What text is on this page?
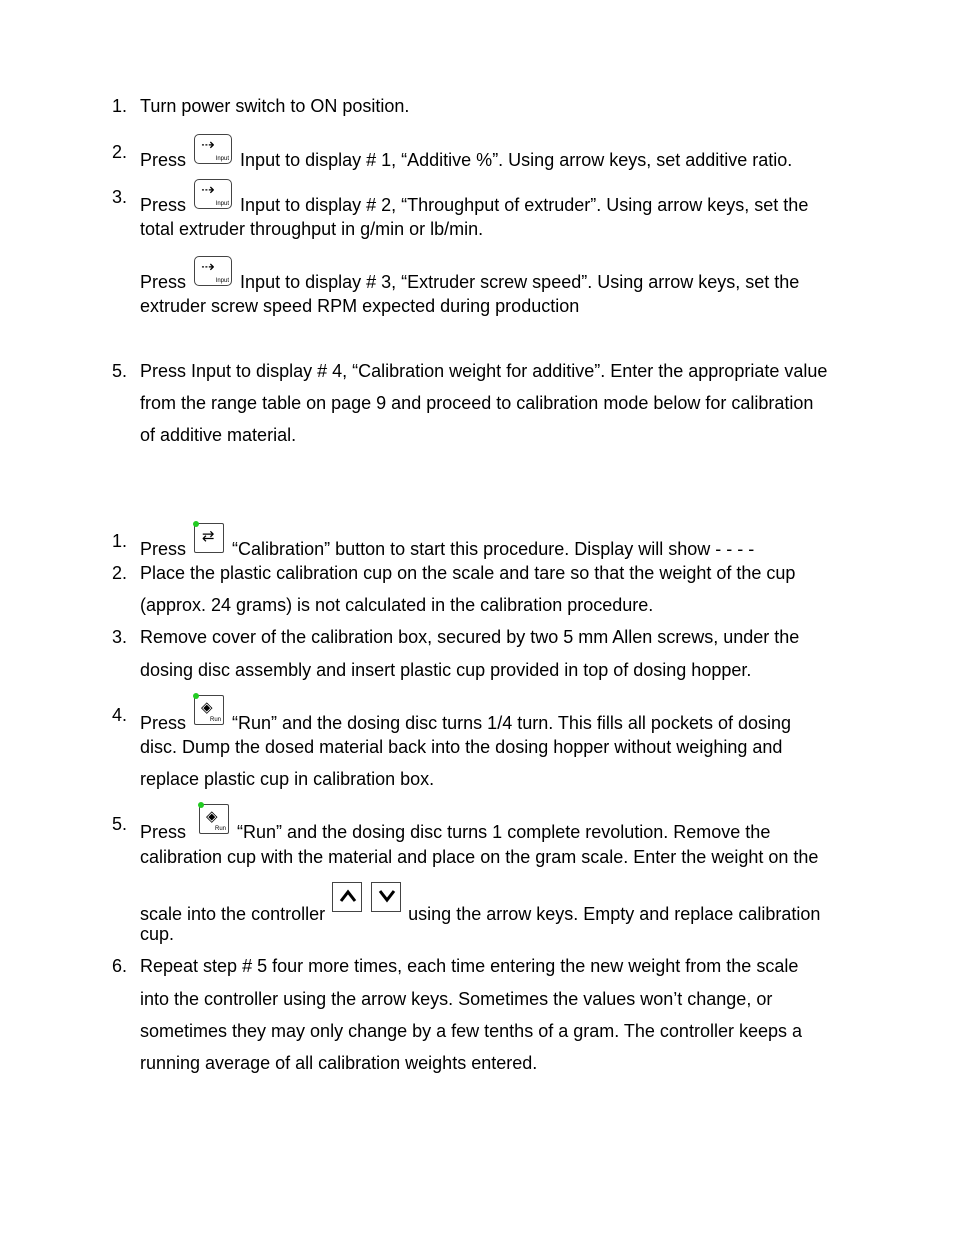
1. Turn power switch to ON position.
2. Press
⇢
Input Input to display # 1, “Additive %”. Using arrow keys, set additive ratio.
3. Press
⇢
Input Input to display # 2, “Throughput of extruder”. Using arrow keys, set the
total extruder throughput in g/min or lb/min.
Press
⇢
Input Input to display # 3, “Extruder screw speed”. Using arrow keys, set the
extruder screw speed RPM expected during production
5. Press Input to display # 4, “Calibration weight for additive”. Enter the appropriate value
from the range table on page 9 and proceed to calibration mode below for calibration
of additive material.
1. Press
⇄
“Calibration” button to start this procedure. Display will show - - - -
2. Place the plastic calibration cup on the scale and tare so that the weight of the cup
(approx. 24 grams) is not calculated in the calibration procedure.
3. Remove cover of the calibration box, secured by two 5 mm Allen screws, under the
dosing disc assembly and insert plastic cup provided in top of dosing hopper.
4. Press
◈
Run “Run” and the dosing disc turns 1/4 turn. This fills all pockets of dosing
disc. Dump the dosed material back into the dosing hopper without weighing and
replace plastic cup in calibration box.
5. Press
◈
Run “Run” and the dosing disc turns 1 complete revolution. Remove the
calibration cup with the material and place on the gram scale. Enter the weight on the
scale into the controller
	using the arrow keys. Empty and replace calibration
cup.
6. Repeat step # 5 four more times, each time entering the new weight from the scale
into the controller using the arrow keys. Sometimes the values won’t change, or
sometimes they may only change by a few tenths of a gram. The controller keeps a
running average of all calibration weights entered.
